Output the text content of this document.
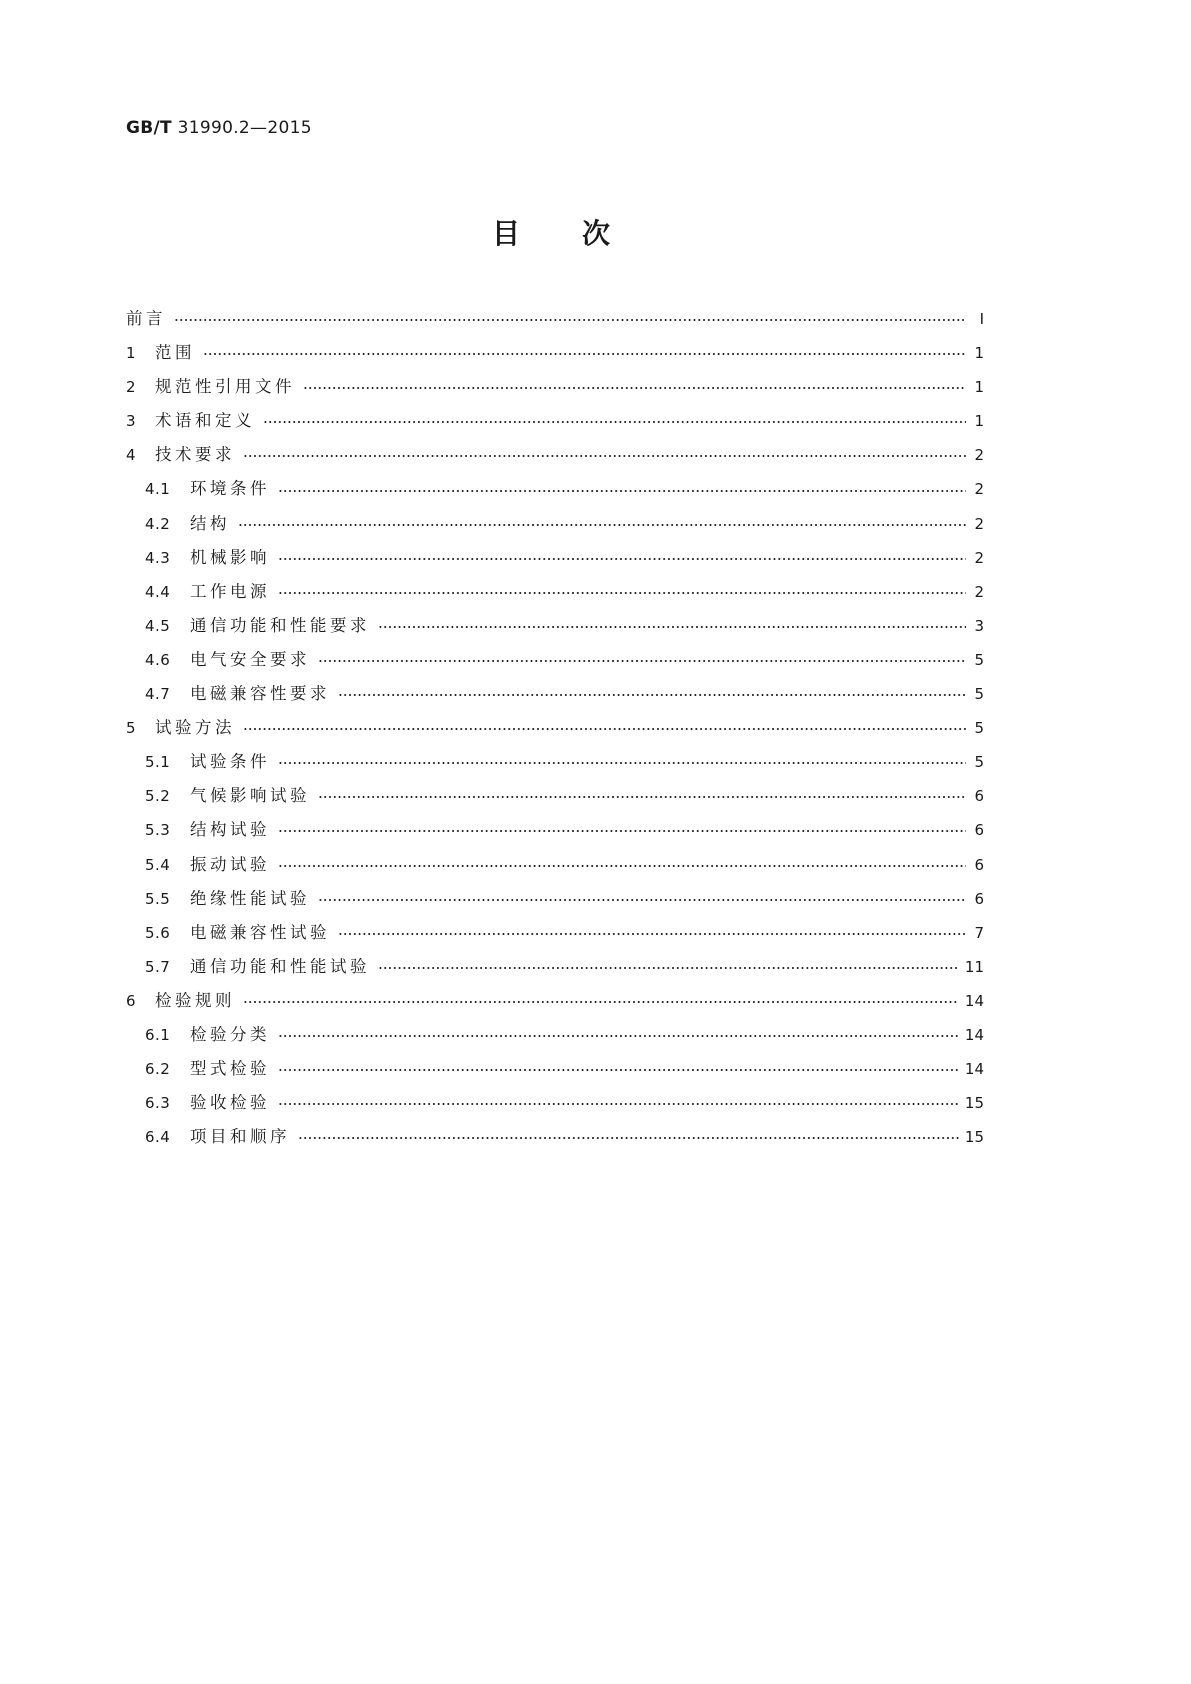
GB/T 31990.2—2015
目次
前言	Ⅰ
1	范围	1
2	规范性引用文件	1
3	术语和定义	1
4	技术要求	2
4.1	环境条件	2
4.2	结构	2
4.3	机械影响	2
4.4	工作电源	2
4.5	通信功能和性能要求	3
4.6	电气安全要求	5
4.7	电磁兼容性要求	5
5	试验方法	5
5.1	试验条件	5
5.2	气候影响试验	6
5.3	结构试验	6
5.4	振动试验	6
5.5	绝缘性能试验	6
5.6	电磁兼容性试验	7
5.7	通信功能和性能试验	11
6	检验规则	14
6.1	检验分类	14
6.2	型式检验	14
6.3	验收检验	15
6.4	项目和顺序	15
